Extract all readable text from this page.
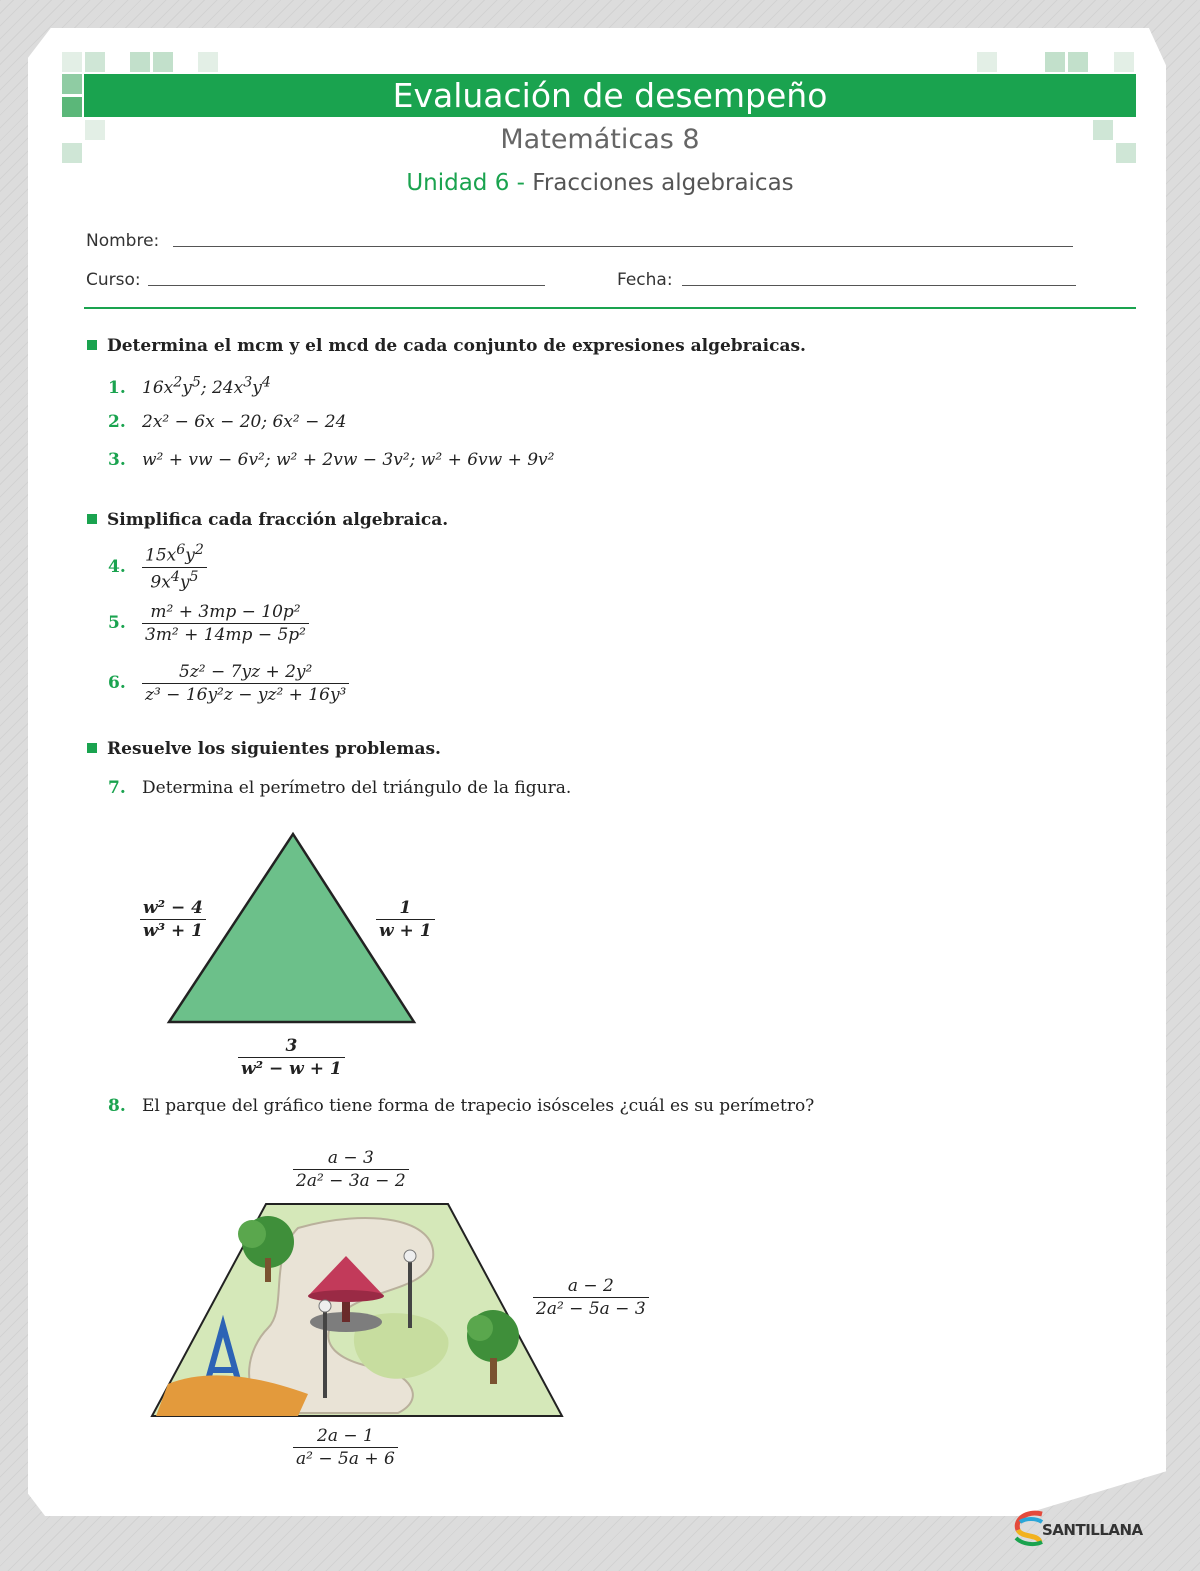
Evaluación de desempeño
Matemáticas 8
Unidad 6 - Fracciones algebraicas
Nombre:
Curso:	Fecha:
Determina el mcm y el mcd de cada conjunto de expresiones algebraicas.
1. $16x^2y^5$; $24x^3y^4$
2. 2x² − 6x − 20; 6x² − 24
3. w² + vw − 6v²; w² + 2vw − 3v²; w² + 6vw + 9v²
Simplifica cada fracción algebraica.
4. $\frac{15x^6y^2}{9x^4y^5}$
5. $\frac{\text{m² + 3mp − 10p²}}{\text{3m² + 14mp − 5p²}}$
6. $\frac{\text{5z² − 7yz + 2y²}}{\text{z³ − 16y²z − yz² + 16y³}}$
Resuelve los siguientes problemas.
7. Determina el perímetro del triángulo de la figura.
$\frac{\text{w² − 4}}{\text{w³ + 1}}$	$\frac{1}{w + 1}$
$\frac{3}{\text{w² − w + 1}}$
8. El parque del gráfico tiene forma de trapecio isósceles ¿cuál es su perímetro?
$\frac{a - 3}{\text{2a² − 3a − 2}}$
$\frac{a - 2}{\text{2a² − 5a − 3}}$
$\frac{2a - 1}{\text{a² − 5a + 6}}$
SANTILLANA
